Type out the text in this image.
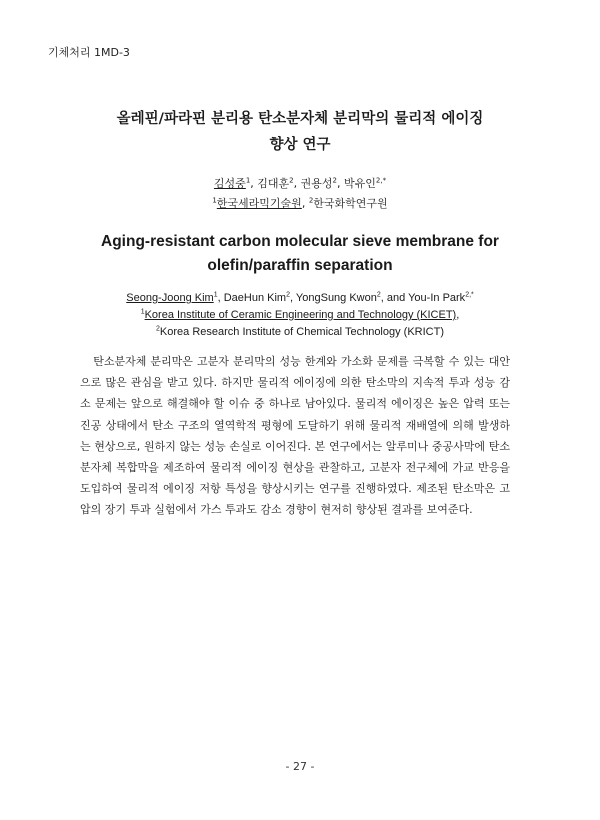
기체처리 1MD-3
올레핀/파라핀 분리용 탄소분자체 분리막의 물리적 에이징
향상 연구
김성중$^1$, 김대훈$^2$, 권용성$^2$, 박유인$^{2,*}$
$^1$한국세라믹기술원, $^2$한국화학연구원
Aging-resistant carbon molecular sieve membrane for
olefin/paraffin separation
Seong-Joong Kim$^1$, DaeHun Kim$^2$, YongSung Kwon$^2$, and You-In Park$^{2,*}$
$^1$Korea Institute of Ceramic Engineering and Technology (KICET),
$^2$Korea Research Institute of Chemical Technology (KRICT)
탄소분자체 분리막은 고분자 분리막의 성능 한계와 가소화 문제를 극복할 수 있는 대안으로 많은 관심을 받고 있다. 하지만 물리적 에이징에 의한 탄소막의 지속적 투과 성능 감소 문제는 앞으로 해결해야 할 이슈 중 하나로 남아있다. 물리적 에이징은 높은 압력 또는 진공 상태에서 탄소 구조의 열역학적 평형에 도달하기 위해 물리적 재배열에 의해 발생하는 현상으로, 원하지 않는 성능 손실로 이어진다. 본 연구에서는 알루미나 중공사막에 탄소분자체 복합막을 제조하여 물리적 에이징 현상을 관찰하고, 고분자 전구체에 가교 반응을 도입하여 물리적 에이징 저항 특성을 향상시키는 연구를 진행하였다. 제조된 탄소막은 고압의 장기 투과 실험에서 가스 투과도 감소 경향이 현저히 향상된 결과를 보여준다.
- 27 -
